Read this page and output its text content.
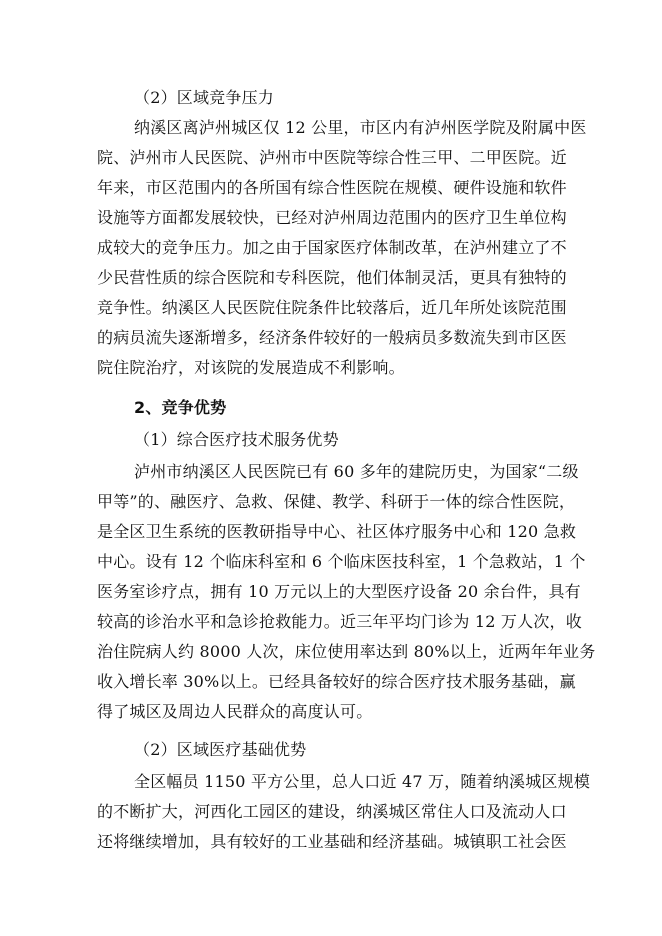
（2）区域竞争压力
纳溪区离泸州城区仅 12 公里，市区内有泸州医学院及附属中医
院、泸州市人民医院、泸州市中医院等综合性三甲、二甲医院。近
年来，市区范围内的各所国有综合性医院在规模、硬件设施和软件
设施等方面都发展较快，已经对泸州周边范围内的医疗卫生单位构
成较大的竞争压力。加之由于国家医疗体制改革，在泸州建立了不
少民营性质的综合医院和专科医院，他们体制灵活，更具有独特的
竞争性。纳溪区人民医院住院条件比较落后，近几年所处该院范围
的病员流失逐渐增多，经济条件较好的一般病员多数流失到市区医
院住院治疗，对该院的发展造成不利影响。
2、竞争优势
（1）综合医疗技术服务优势
泸州市纳溪区人民医院已有 60 多年的建院历史，为国家“二级
甲等”的、融医疗、急救、保健、教学、科研于一体的综合性医院，
是全区卫生系统的医教研指导中心、社区体疗服务中心和 120 急救
中心。设有 12 个临床科室和 6 个临床医技科室，1 个急救站，1 个
医务室诊疗点，拥有 10 万元以上的大型医疗设备 20 余台件，具有
较高的诊治水平和急诊抢救能力。近三年平均门诊为 12 万人次，收
治住院病人约 8000 人次，床位使用率达到 80%以上，近两年年业务
收入增长率 30%以上。已经具备较好的综合医疗技术服务基础，赢
得了城区及周边人民群众的高度认可。
（2）区域医疗基础优势
全区幅员 1150 平方公里，总人口近 47 万，随着纳溪城区规模
的不断扩大，河西化工园区的建设，纳溪城区常住人口及流动人口
还将继续增加，具有较好的工业基础和经济基础。城镇职工社会医
